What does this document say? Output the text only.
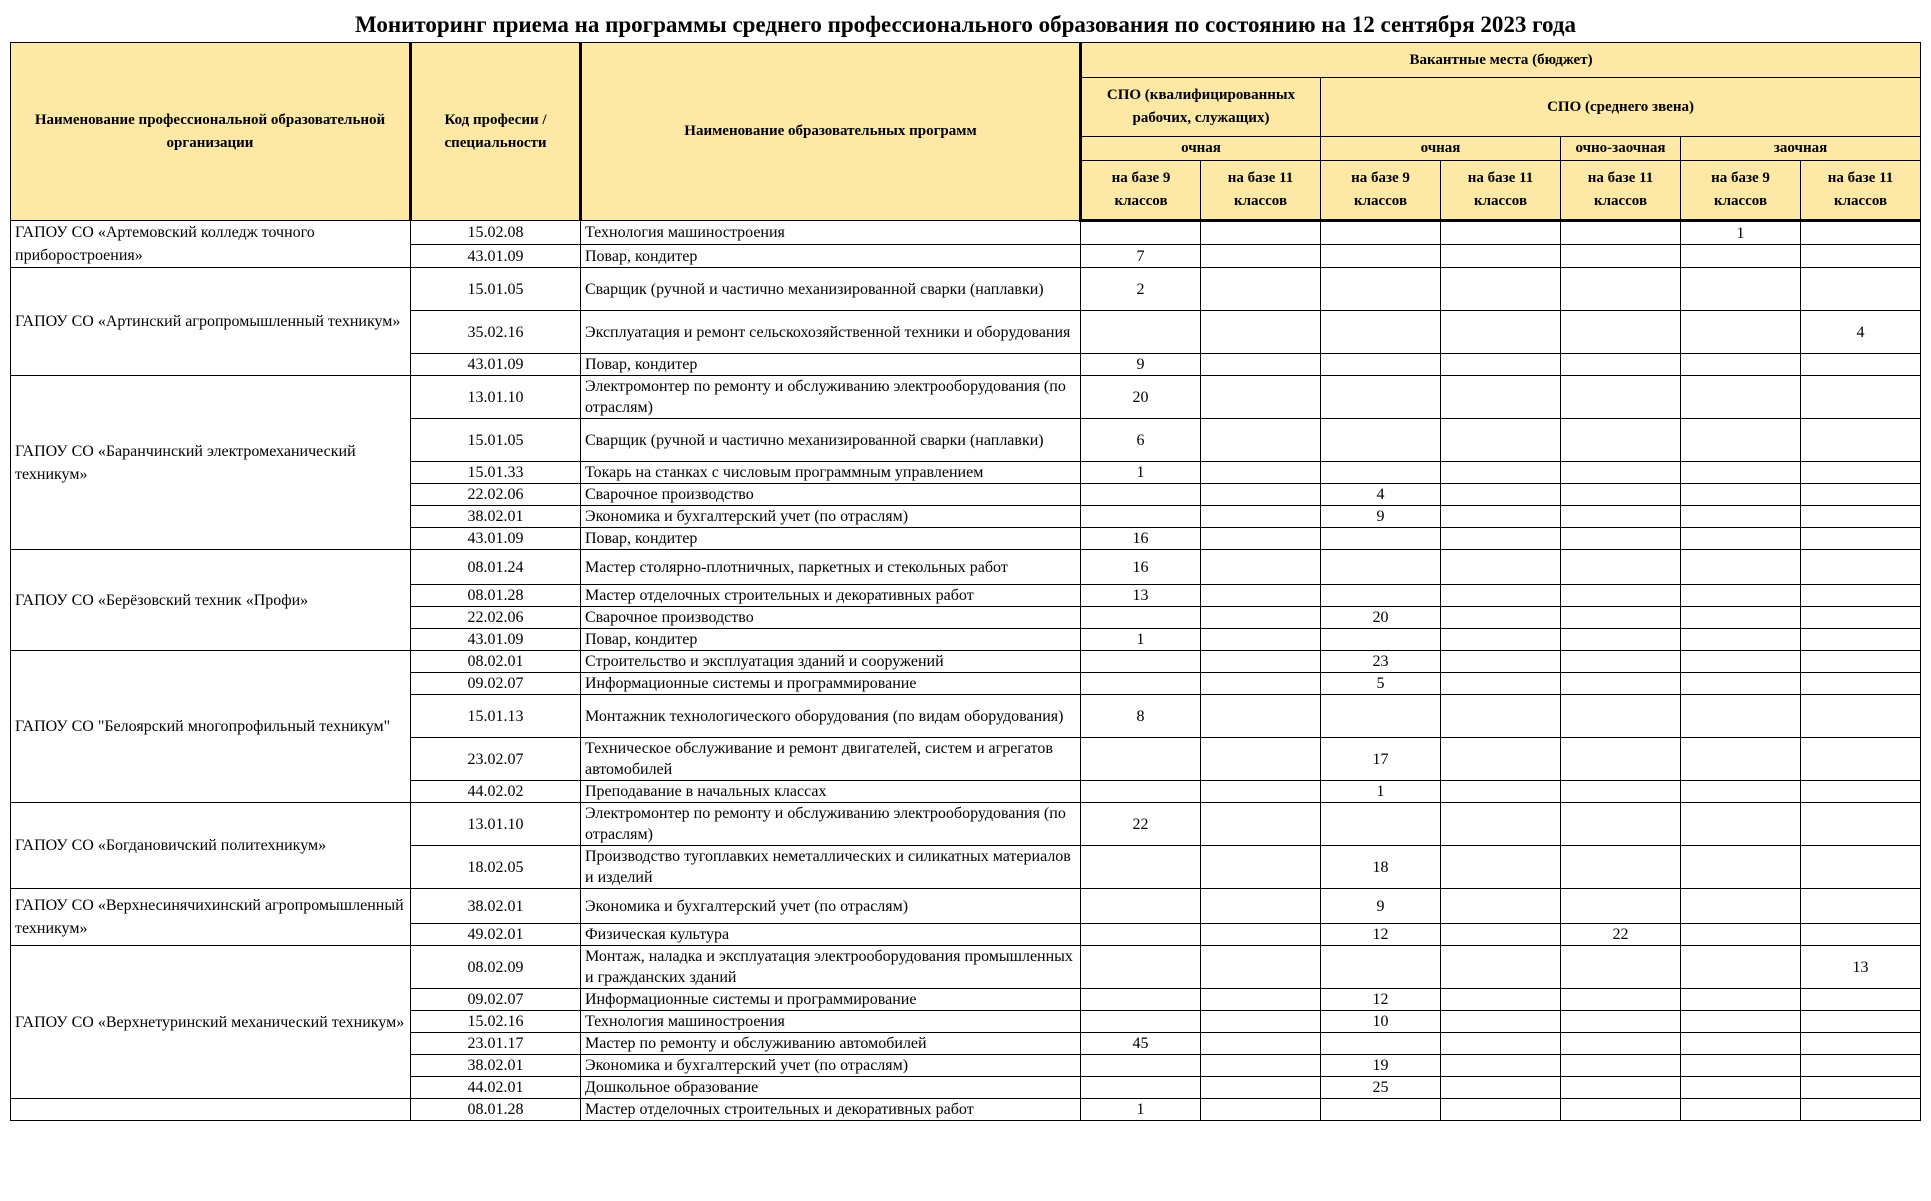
Мониторинг приема на программы среднего профессионального образования по состоянию на 12 сентября 2023 года
Наименование профессиональной образовательной организации	Код професии / специальности	Наименование образовательных программ	Вакантные места (бюджет)						
			СПО (квалифицированных рабочих, служащих)		СПО (среднего звена)				
			очная		очная		очно-заочная	заочная	
			на базе 9 классов	на базе 11 классов	на базе 9 классов	на базе 11 классов	на базе 11 классов	на базе 9 классов	на базе 11 классов
ГАПОУ СО «Артемовский колледж точного приборостроения»	15.02.08	Технология машиностроения						1	
	43.01.09	Повар, кондитер	7						
ГАПОУ СО «Артинский агропромышленный техникум»	15.01.05	Сварщик (ручной и частично механизированной сварки (наплавки)	2						
	35.02.16	Эксплуатация и ремонт сельскохозяйственной техники и оборудования							4
	43.01.09	Повар, кондитер	9						
ГАПОУ СО «Баранчинский электромеханический техникум»	13.01.10	Электромонтер по ремонту и обслуживанию электрооборудования (по отраслям)	20						
	15.01.05	Сварщик (ручной и частично механизированной сварки (наплавки)	6						
	15.01.33	Токарь на станках с числовым программным управлением	1						
	22.02.06	Сварочное производство			4				
	38.02.01	Экономика и бухгалтерский учет (по отраслям)			9				
	43.01.09	Повар, кондитер	16						
ГАПОУ СО «Берёзовский техник «Профи»	08.01.24	Мастер столярно-плотничных, паркетных и стекольных работ	16						
	08.01.28	Мастер отделочных строительных и декоративных работ	13						
	22.02.06	Сварочное производство			20				
	43.01.09	Повар, кондитер	1						
ГАПОУ СО "Белоярский многопрофильный техникум"	08.02.01	Строительство и эксплуатация зданий и сооружений			23				
	09.02.07	Информационные системы и программирование			5				
	15.01.13	Монтажник технологического оборудования (по видам оборудования)	8						
	23.02.07	Техническое обслуживание и ремонт двигателей, систем и агрегатов автомобилей			17				
	44.02.02	Преподавание в начальных классах			1				
ГАПОУ СО «Богдановичский политехникум»	13.01.10	Электромонтер по ремонту и обслуживанию электрооборудования (по отраслям)	22						
	18.02.05	Производство тугоплавких неметаллических и силикатных материалов и изделий			18				
ГАПОУ СО «Верхнесинячихинский агропромышленный техникум»	38.02.01	Экономика и бухгалтерский учет (по отраслям)			9				
	49.02.01	Физическая культура			12		22		
ГАПОУ СО «Верхнетуринский механический техникум»	08.02.09	Монтаж, наладка и эксплуатация электрооборудования промышленных и гражданских зданий							13
	09.02.07	Информационные системы и программирование			12				
	15.02.16	Технология машиностроения			10				
	23.01.17	Мастер по ремонту и обслуживанию автомобилей	45						
	38.02.01	Экономика и бухгалтерский учет (по отраслям)			19				
	44.02.01	Дошкольное образование			25				
	08.01.28	Мастер отделочных строительных и декоративных работ	1						
